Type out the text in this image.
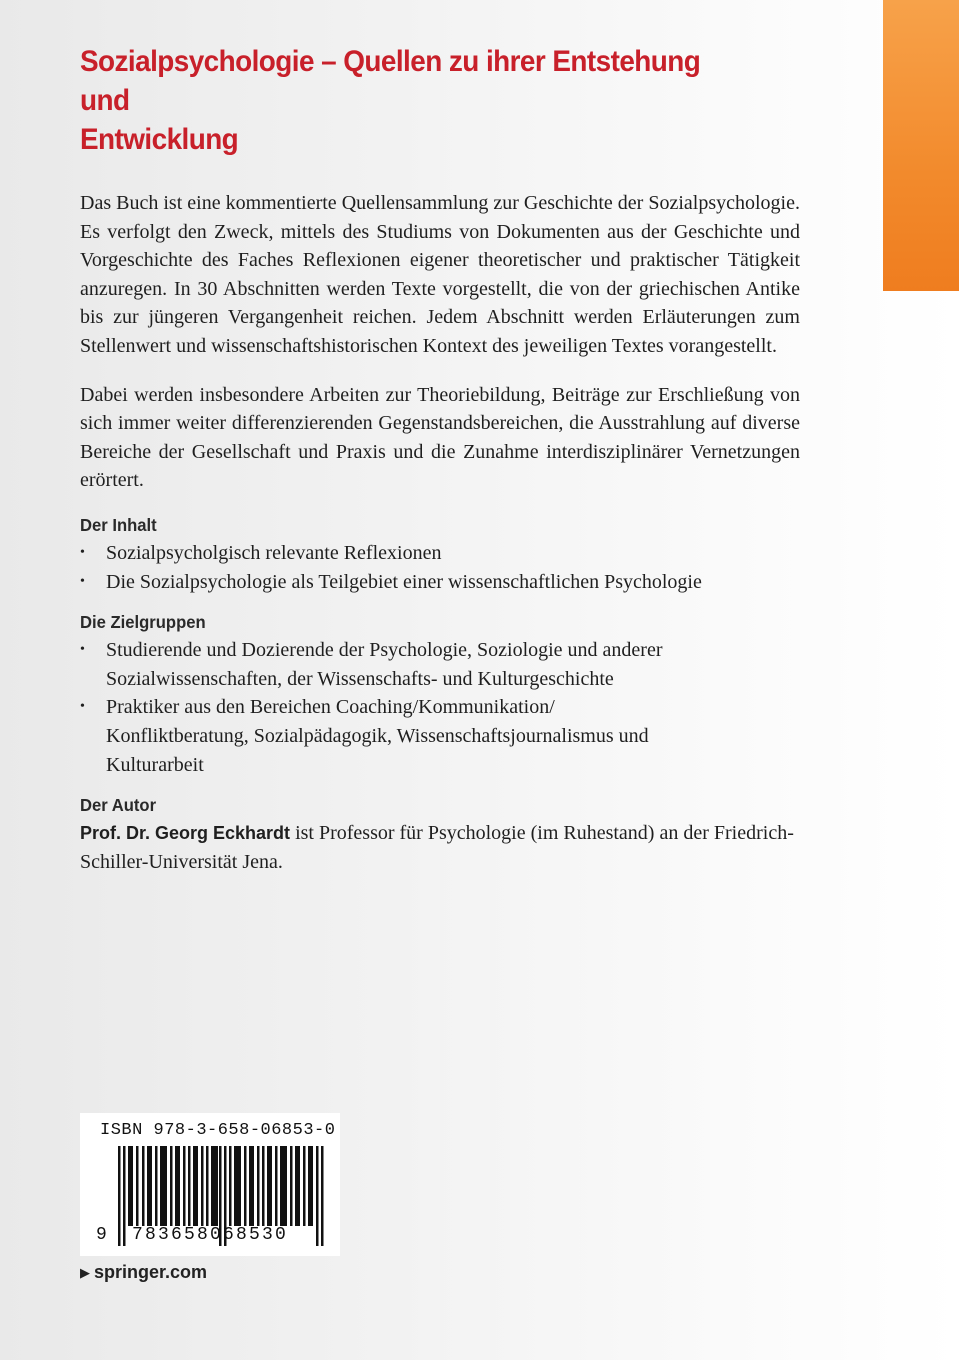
Sozialpsychologie – Quellen zu ihrer Entstehung und
Entwicklung

Das Buch ist eine kommentierte Quellensammlung zur Geschichte der Sozialpsychologie. Es verfolgt den Zweck, mittels des Studiums von Dokumenten aus der Geschichte und Vorgeschichte des Faches Reflexionen eigener theoretischer und praktischer Tätigkeit anzuregen. In 30 Abschnitten werden Texte vorgestellt, die von der griechischen Antike bis zur jüngeren Vergangenheit reichen. Jedem Abschnitt werden Erläuterungen zum Stellenwert und wissenschaftshistorischen Kontext des jeweiligen Textes vorangestellt.

Dabei werden insbesondere Arbeiten zur Theoriebildung, Beiträge zur Erschließung von sich immer weiter differenzierenden Gegenstandsbereichen, die Ausstrahlung auf diverse Bereiche der Gesellschaft und Praxis und die Zunahme interdisziplinärer Vernetzungen erörtert.

Der Inhalt
• Sozialpsycholgisch relevante Reflexionen
• Die Sozialpsychologie als Teilgebiet einer wissenschaftlichen Psychologie
Die Zielgruppen
• Studierende und Dozierende der Psychologie, Soziologie und anderer Sozialwissenschaften, der Wissenschafts- und Kulturgeschichte
• Praktiker aus den Bereichen Coaching/Kommunikation/ Konfliktberatung, Sozialpädagogik, Wissenschaftsjournalismus und Kulturarbeit
Der Autor

Prof. Dr. Georg Eckhardt ist Professor für Psychologie (im Ruhestand) an der Friedrich-Schiller-Universität Jena.

ISBN 978-3-658-06853-0
9 783658068530
▶ springer.com
